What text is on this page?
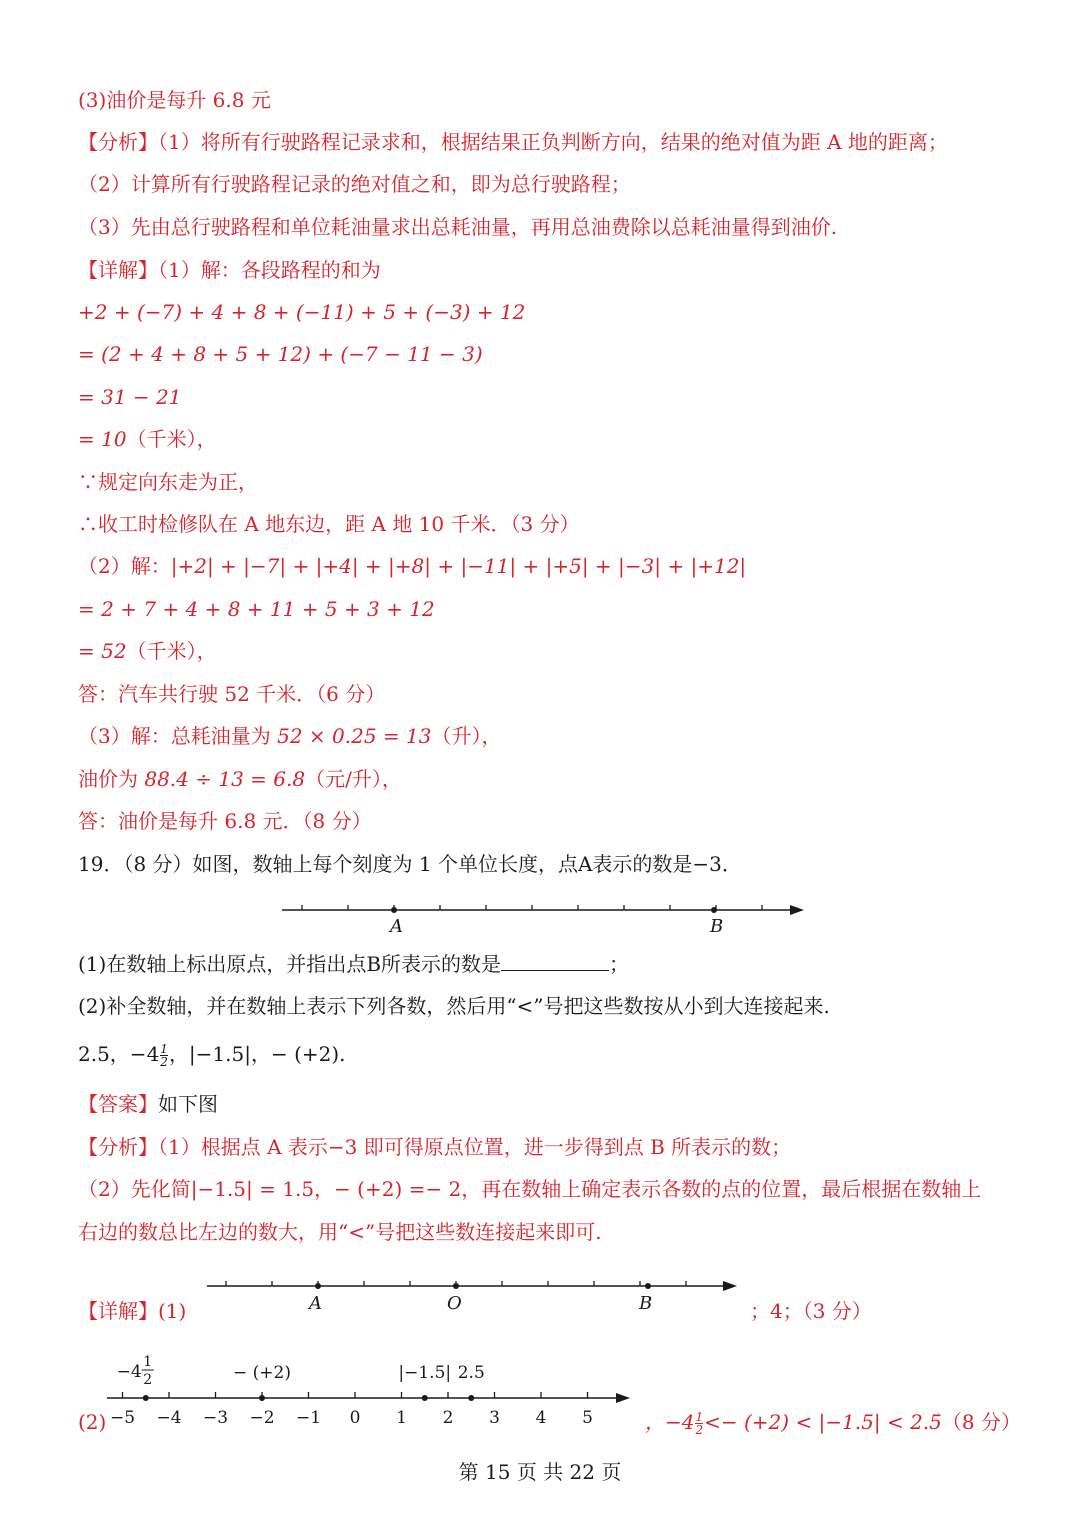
(3)油价是每升 6.8 元
【分析】（1）将所有行驶路程记录求和，根据结果正负判断方向，结果的绝对值为距 A 地的距离；
（2）计算所有行驶路程记录的绝对值之和，即为总行驶路程；
（3）先由总行驶路程和单位耗油量求出总耗油量，再用总油费除以总耗油量得到油价.
【详解】（1）解：各段路程的和为
+2 + (−7) + 4 + 8 + (−11) + 5 + (−3) + 12
= (2 + 4 + 8 + 5 + 12) + (−7 − 11 − 3)
= 31 − 21
= 10（千米），
∵规定向东走为正，
∴收工时检修队在 A 地东边，距 A 地 10 千米．（3 分）
（2）解：|+2| + |−7| + |+4| + |+8| + |−11| + |+5| + |−3| + |+12|
= 2 + 7 + 4 + 8 + 11 + 5 + 3 + 12
= 52（千米），
答：汽车共行驶 52 千米．（6 分）
（3）解：总耗油量为 52 × 0.25 = 13（升），
油价为 88.4 ÷ 13 = 6.8（元/升），
答：油价是每升 6.8 元．（8 分）
19．（8 分）如图，数轴上每个刻度为 1 个单位长度，点A表示的数是−3．
A	B
(1)在数轴上标出原点，并指出点B所表示的数是	；
(2)补全数轴，并在数轴上表示下列各数，然后用“<”号把这些数按从小到大连接起来.
2.5，$-4 \frac{1}{2}$ ，|−1.5|，− (+2).
【答案】如下图
【分析】（1）根据点 A 表示−3 即可得原点位置，进一步得到点 B 所表示的数；
（2）先化简|−1.5| = 1.5，− (+2) =− 2，再在数轴上确定表示各数的点的位置，最后根据在数轴上
右边的数总比左边的数大，用“<”号把这些数连接起来即可.
【详解】(1)	A	O	B	；4；（3 分）
(2) −5 −4 −3 −2 −1 0 1 2 3 4 5
−4 1
2	− (+2)	|−1.5| 2.5
，$-4 \frac{1}{2} <- (+2) < |-1.5| < 2.5(8$ 分）
第 15 页 共 22 页
